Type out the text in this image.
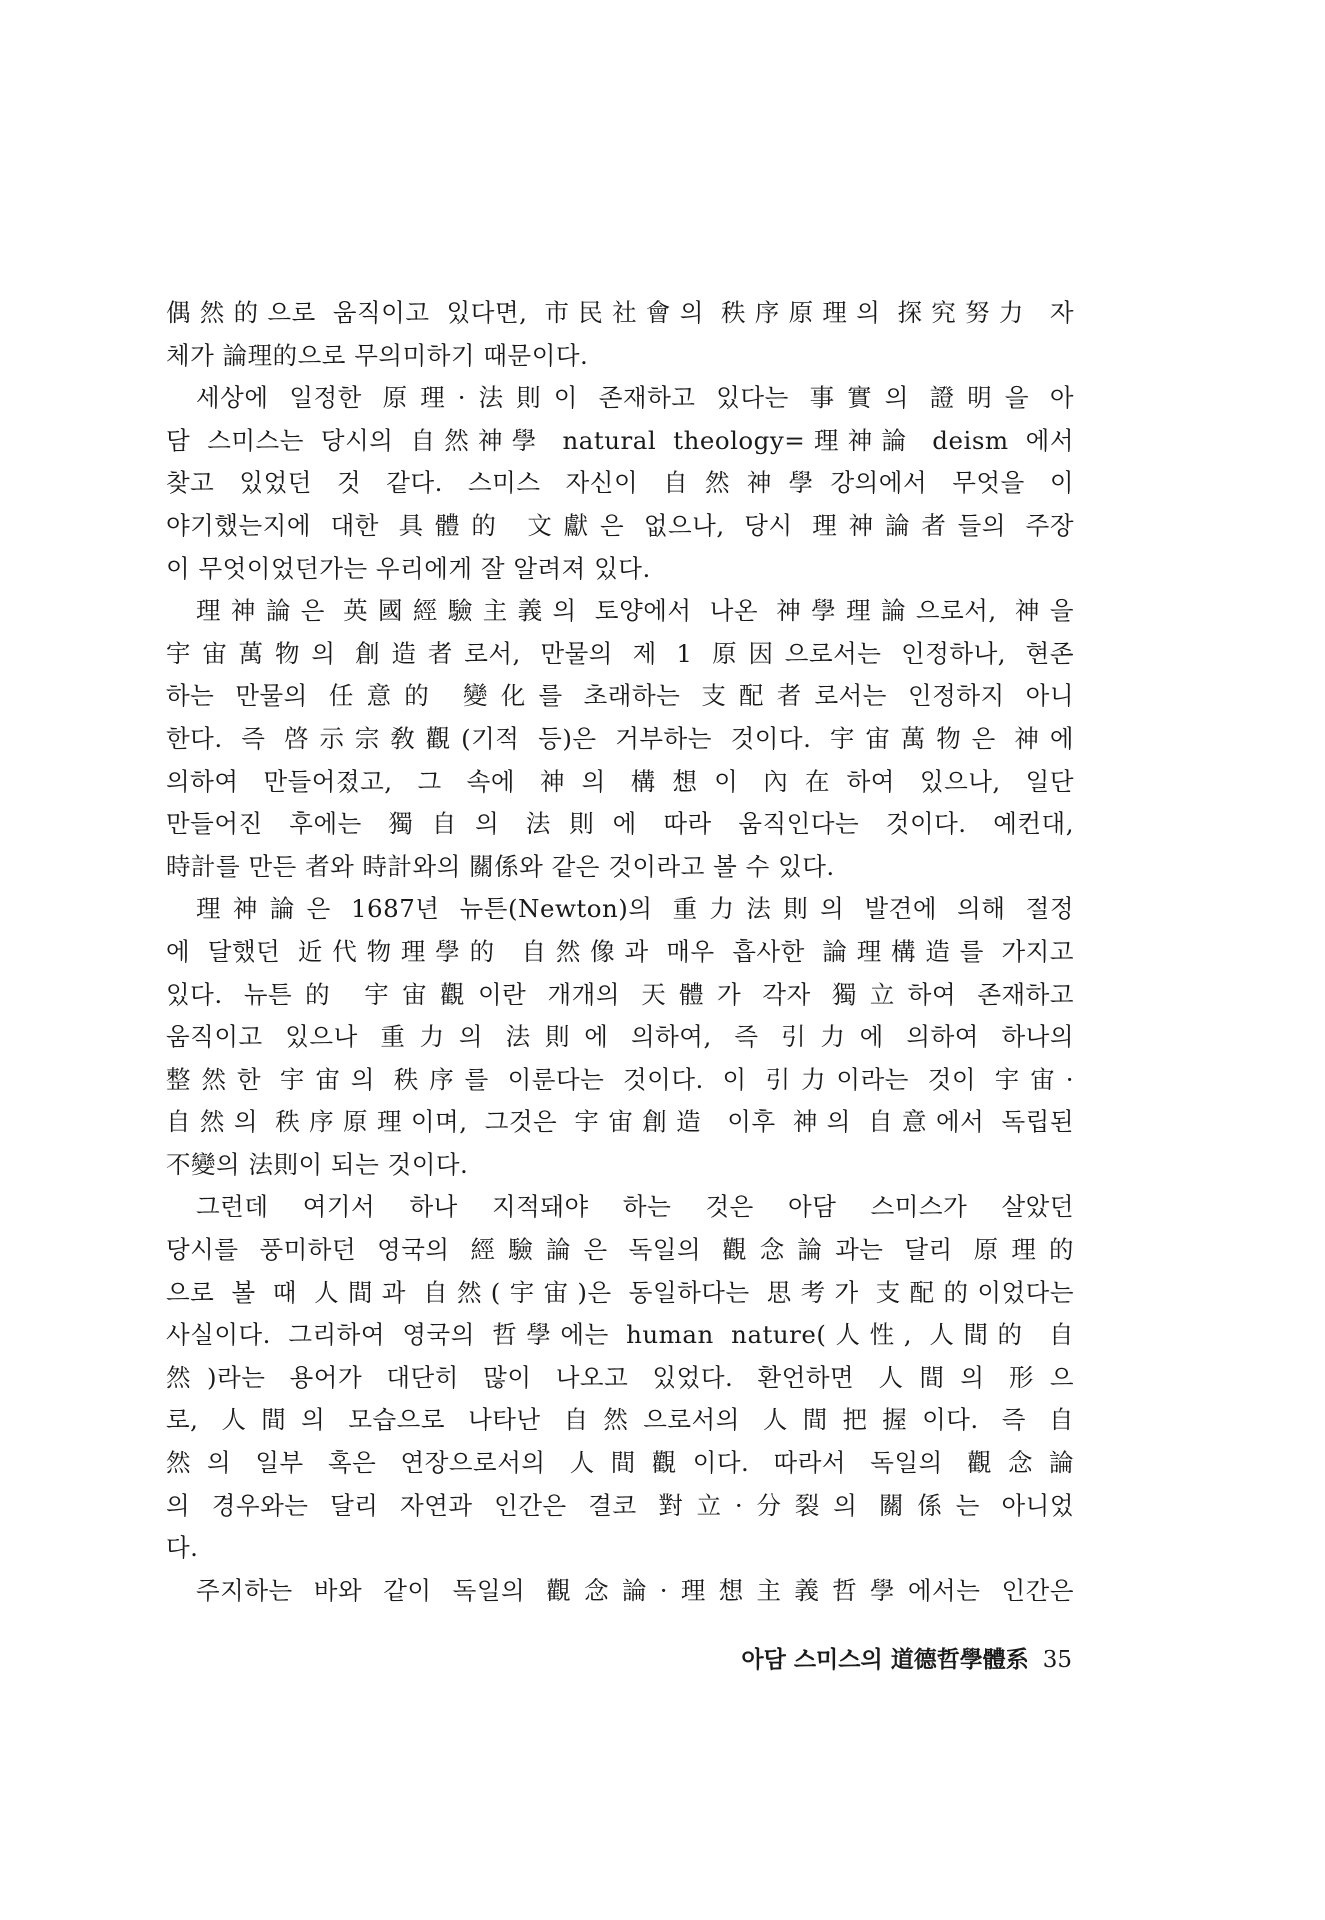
偶然的으로 움직이고 있다면, 市民社會의 秩序原理의 探究努力 자
체가 論理的으로 무의미하기 때문이다.
세상에 일정한 原理·法則이 존재하고 있다는 事實의 證明을 아
담 스미스는 당시의 自然神學 natural theology=理神論 deism 에서
찾고 있었던 것 같다. 스미스 자신이 自然神學강의에서 무엇을 이
야기했는지에 대한 具體的 文獻은 없으나, 당시 理神論者들의 주장
이 무엇이었던가는 우리에게 잘 알려져 있다.
理神論은 英國經驗主義의 토양에서 나온 神學理論으로서, 神을
宇宙萬物의 創造者로서, 만물의 제 1 原因으로서는 인정하나, 현존
하는 만물의 任意的 變化를 초래하는 支配者로서는 인정하지 아니
한다. 즉 啓示宗敎觀(기적 등)은 거부하는 것이다. 宇宙萬物은 神에
의하여 만들어졌고, 그 속에 神의 構想이 內在하여 있으나, 일단
만들어진 후에는 獨自의 法則에 따라 움직인다는 것이다. 예컨대,
時計를 만든 者와 時計와의 關係와 같은 것이라고 볼 수 있다.
理神論은 1687년 뉴튼(Newton)의 重力法則의 발견에 의해 절정
에 달했던 近代物理學的 自然像과 매우 흡사한 論理構造를 가지고
있다. 뉴튼的 宇宙觀이란 개개의 天體가 각자 獨立하여 존재하고
움직이고 있으나 重力의 法則에 의하여, 즉 引力에 의하여 하나의
整然한 宇宙의 秩序를 이룬다는 것이다. 이 引力이라는 것이 宇宙·
自然의 秩序原理이며, 그것은 宇宙創造 이후 神의 自意에서 독립된
不變의 法則이 되는 것이다.
그런데 여기서 하나 지적돼야 하는 것은 아담 스미스가 살았던
당시를 풍미하던 영국의 經驗論은 독일의 觀念論과는 달리 原理的
으로 볼 때 人間과 自然(宇宙)은 동일하다는 思考가 支配的이었다는
사실이다. 그리하여 영국의 哲學에는 human nature(人性, 人間的 自
然)라는 용어가 대단히 많이 나오고 있었다. 환언하면 人間의 形으
로, 人間의 모습으로 나타난 自然으로서의 人間把握이다. 즉 自
然의 일부 혹은 연장으로서의 人間觀이다. 따라서 독일의 觀念論
의 경우와는 달리 자연과 인간은 결코 對立·分裂의 關係는 아니었
다.
주지하는 바와 같이 독일의 觀念論·理想主義哲學에서는 인간은
아담 스미스의 道德哲學體系 35
